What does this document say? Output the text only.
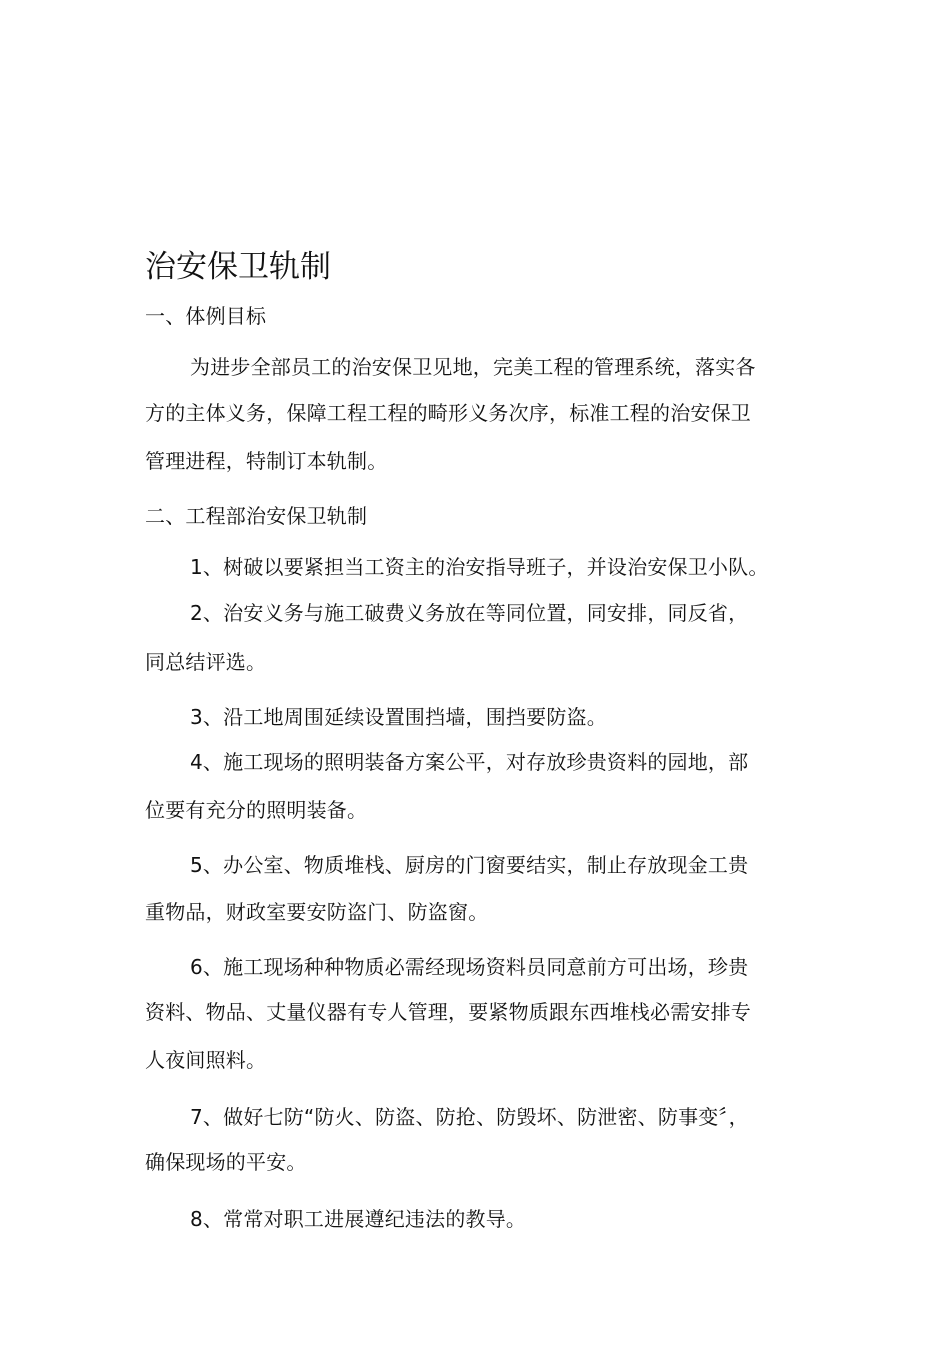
治安保卫轨制
一、体例目标
为进步全部员工的治安保卫见地，完美工程的管理系统，落实各
方的主体义务，保障工程工程的畸形义务次序，标准工程的治安保卫
管理进程，特制订本轨制。
二、工程部治安保卫轨制
1、树破以要紧担当工资主的治安指导班子，并设治安保卫小队。
2、治安义务与施工破费义务放在等同位置，同安排，同反省，
同总结评选。
3、沿工地周围延续设置围挡墙，围挡要防盗。
4、施工现场的照明装备方案公平，对存放珍贵资料的园地，部
位要有充分的照明装备。
5、办公室、物质堆栈、厨房的门窗要结实，制止存放现金工贵
重物品，财政室要安防盗门、防盗窗。
6、施工现场种种物质必需经现场资料员同意前方可出场，珍贵
资料、物品、丈量仪器有专人管理，要紧物质跟东西堆栈必需安排专
人夜间照料。
7、做好七防“防火、防盗、防抢、防毁坏、防泄密、防事变〞，
确保现场的平安。
8、常常对职工进展遵纪违法的教导。
